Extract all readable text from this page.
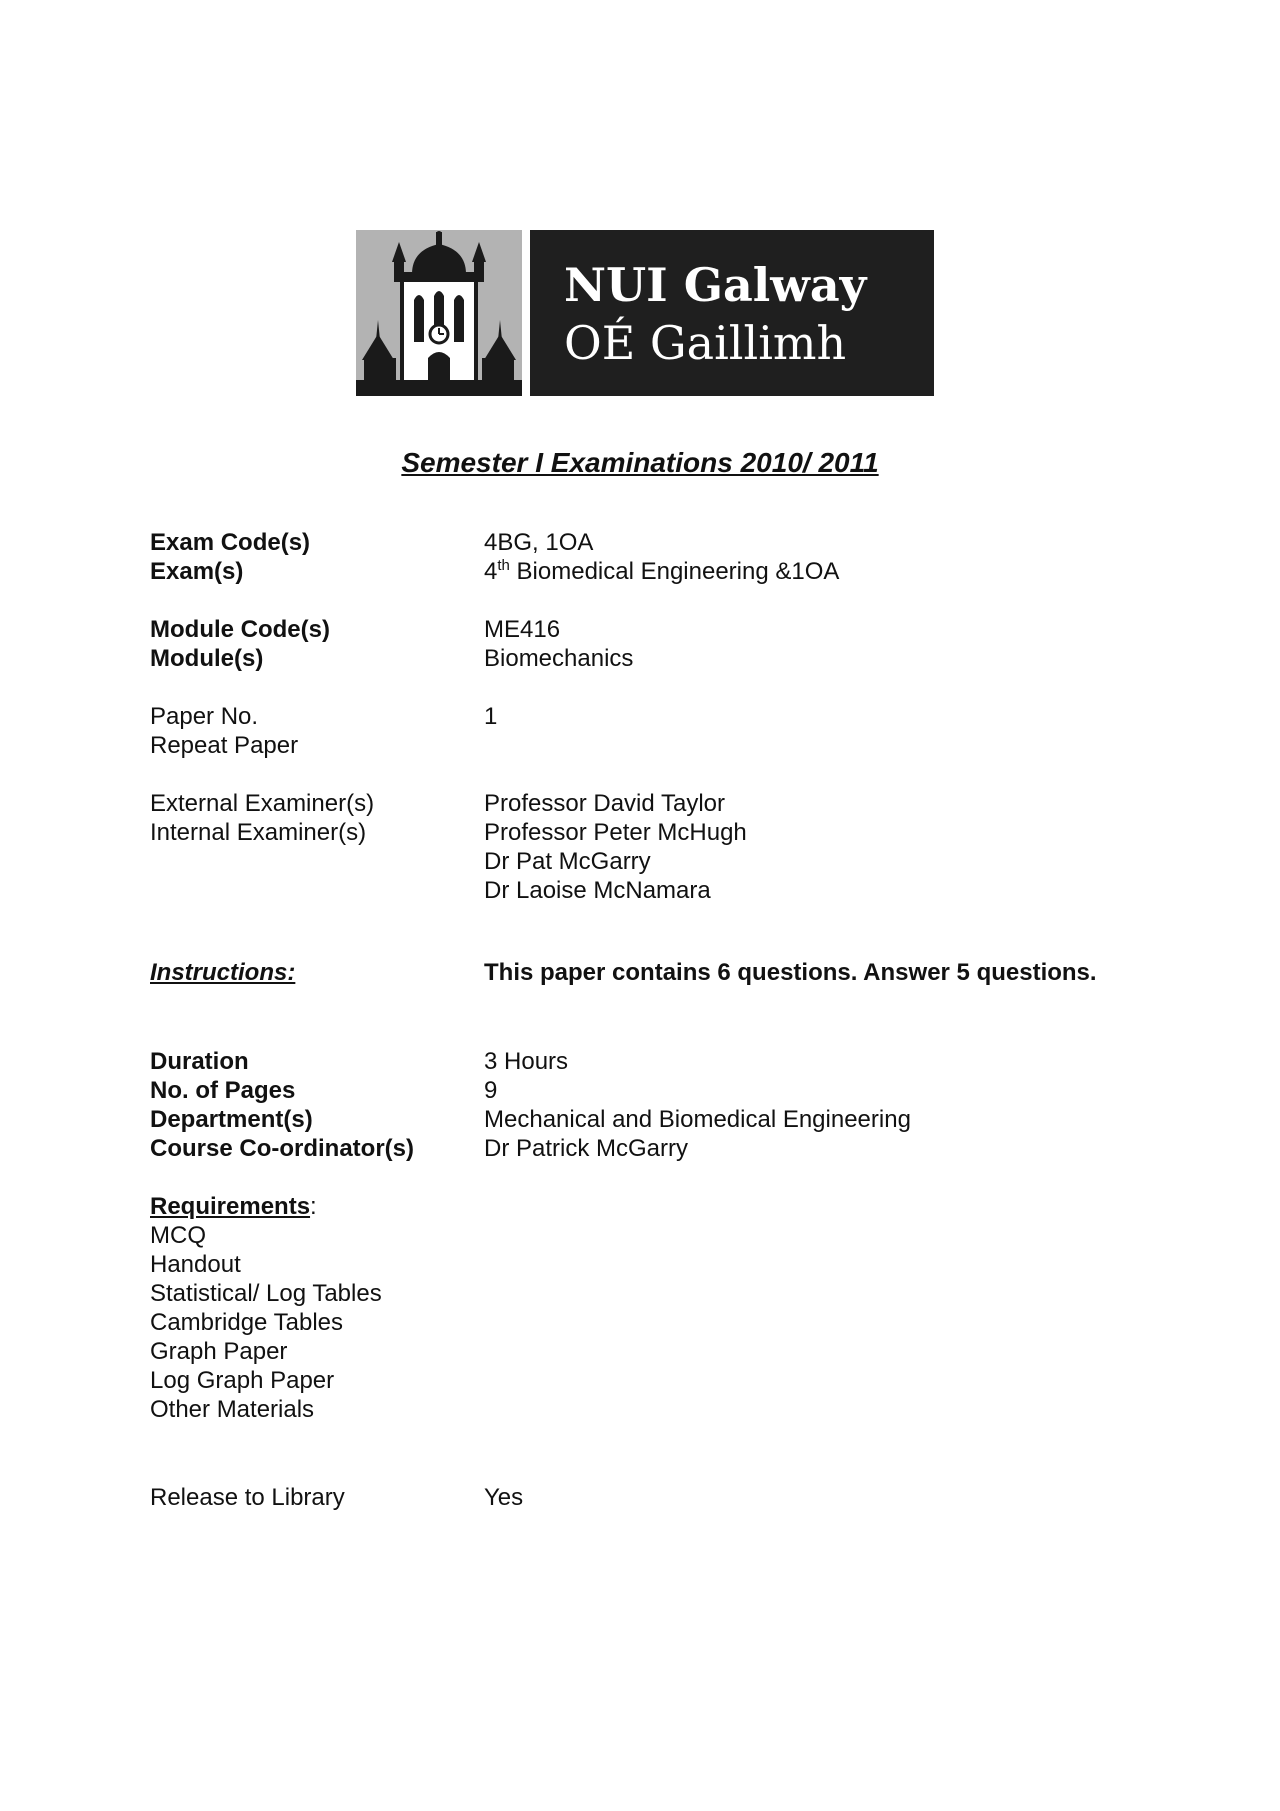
NUI Galway
OÉ Gaillimh
Semester I Examinations 2010/ 2011
Exam Code(s)	4BG, 1OA
Exam(s)	4th Biomedical Engineering &1OA
Module Code(s)	ME416
Module(s)	Biomechanics
Paper No.	1
Repeat Paper
External Examiner(s)	Professor David Taylor
Internal Examiner(s)	Professor Peter McHugh
Dr Pat McGarry
Dr Laoise McNamara
Instructions:	This paper contains 6 questions. Answer 5 questions.
Duration	3 Hours
No. of Pages	9
Department(s)	Mechanical and Biomedical Engineering
Course Co-ordinator(s)	Dr Patrick McGarry
Requirements:
MCQ
Handout
Statistical/ Log Tables
Cambridge Tables
Graph Paper
Log Graph Paper
Other Materials
Release to Library	Yes
